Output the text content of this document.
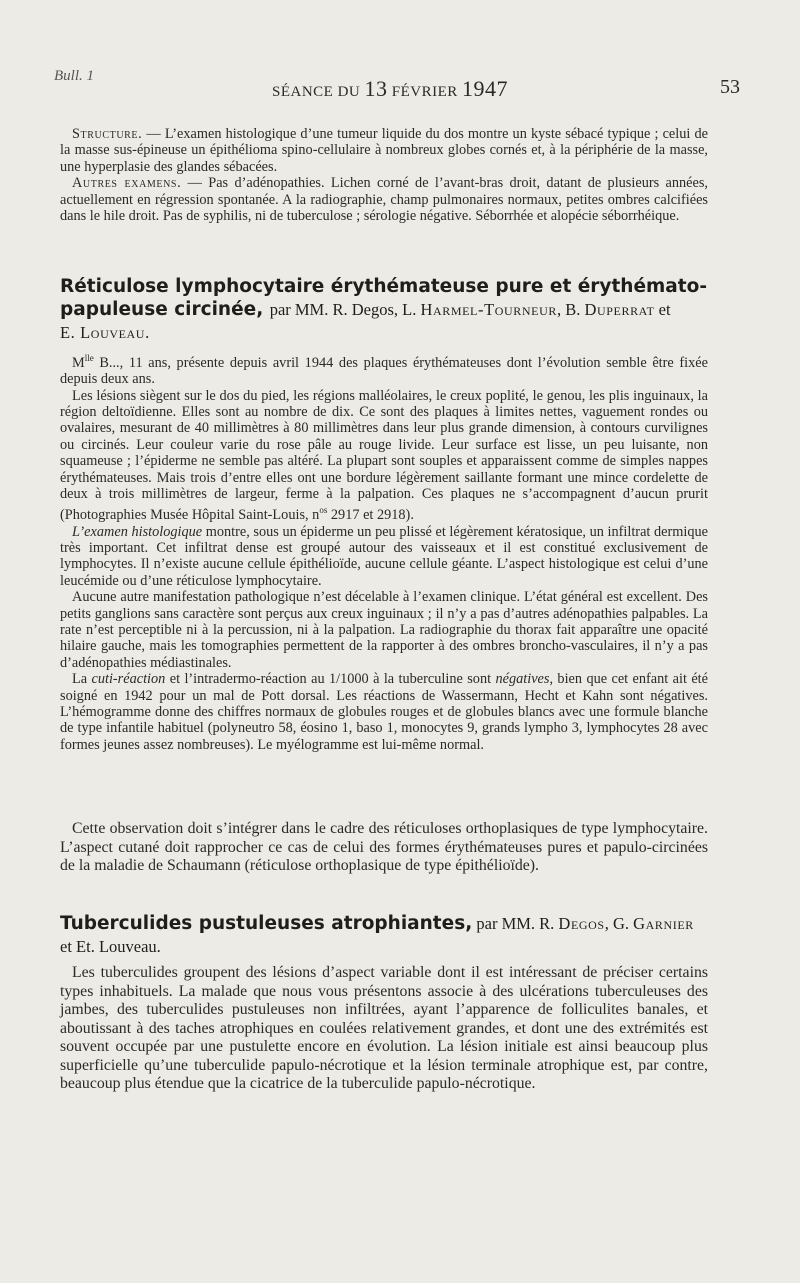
Bull. 1
SÉANCE DU 13 FÉVRIER 1947	53

Structure. — L’examen histologique d’une tumeur liquide du dos montre un kyste sébacé typique ; celui de la masse sus-épineuse un épithélioma spino-cellulaire à nombreux globes cornés et, à la périphérie de la masse, une hyperplasie des glandes sébacées.

Autres examens. — Pas d’adénopathies. Lichen corné de l’avant-bras droit, datant de plusieurs années, actuellement en régression spontanée. A la radiographie, champ pulmonaires normaux, petites ombres calcifiées dans le hile droit. Pas de syphilis, ni de tuberculose ; sérologie négative. Séborrhée et alopécie séborrhéique.

Réticulose lymphocytaire érythémateuse pure et érythémato-papuleuse circinée, par MM. R. Degos, L. Harmel-Tourneur, B. Duperrat et
E. Louveau.

$M^{lle}$ B..., 11 ans, présente depuis avril 1944 des plaques érythémateuses dont l’évolution semble être fixée depuis deux ans.

Les lésions siègent sur le dos du pied, les régions malléolaires, le creux poplité, le genou, les plis inguinaux, la région deltoïdienne. Elles sont au nombre de dix. Ce sont des plaques à limites nettes, vaguement rondes ou ovalaires, mesurant de 40 millimètres à 80 millimètres dans leur plus grande dimension, à contours curvilignes ou circinés. Leur couleur varie du rose pâle au rouge livide. Leur surface est lisse, un peu luisante, non squameuse ; l’épiderme ne semble pas altéré. La plupart sont souples et apparaissent comme de simples nappes érythémateuses. Mais trois d’entre elles ont une bordure légèrement saillante formant une mince cordelette de deux à trois millimètres de largeur, ferme à la palpation. Ces plaques ne s’accompagnent d’aucun prurit (Photographies Musée Hôpital Saint-Louis, $n^{os}$ 2917 et 2918).

L’examen histologique montre, sous un épiderme un peu plissé et légèrement kératosique, un infiltrat dermique très important. Cet infiltrat dense est groupé autour des vaisseaux et il est constitué exclusivement de lymphocytes. Il n’existe aucune cellule épithélioïde, aucune cellule géante. L’aspect histologique est celui d’une leucémide ou d’une réticulose lymphocytaire.

Aucune autre manifestation pathologique n’est décelable à l’examen clinique. L’état général est excellent. Des petits ganglions sans caractère sont perçus aux creux inguinaux ; il n’y a pas d’autres adénopathies palpables. La rate n’est perceptible ni à la percussion, ni à la palpation. La radiographie du thorax fait apparaître une opacité hilaire gauche, mais les tomographies permettent de la rapporter à des ombres broncho-vasculaires, il n’y a pas d’adénopathies médiastinales.

La cuti-réaction et l’intradermo-réaction au 1/1000 à la tuberculine sont négatives, bien que cet enfant ait été soigné en 1942 pour un mal de Pott dorsal. Les réactions de Wassermann, Hecht et Kahn sont négatives. L’hémogramme donne des chiffres normaux de globules rouges et de globules blancs avec une formule blanche de type infantile habituel (polyneutro 58, éosino 1, baso 1, monocytes 9, grands lympho 3, lymphocytes 28 avec formes jeunes assez nombreuses). Le myélogramme est lui-même normal.

Cette observation doit s’intégrer dans le cadre des réticuloses orthoplasiques de type lymphocytaire. L’aspect cutané doit rapprocher ce cas de celui des formes érythémateuses pures et papulo-circinées de la maladie de Schaumann (réticulose orthoplasique de type épithélioïde).

Tuberculides pustuleuses atrophiantes, par MM. R. Degos, G. Garnier
et Et. Louveau.

Les tuberculides groupent des lésions d’aspect variable dont il est intéressant de préciser certains types inhabituels. La malade que nous vous présentons associe à des ulcérations tuberculeuses des jambes, des tuberculides pustuleuses non infiltrées, ayant l’apparence de folliculites banales, et aboutissant à des taches atrophiques en coulées relativement grandes, et dont une des extrémités est souvent occupée par une pustulette encore en évolution. La lésion initiale est ainsi beaucoup plus superficielle qu’une tuberculide papulo-nécrotique et la lésion terminale atrophique est, par contre, beaucoup plus étendue que la cicatrice de la tuberculide papulo-nécrotique.
